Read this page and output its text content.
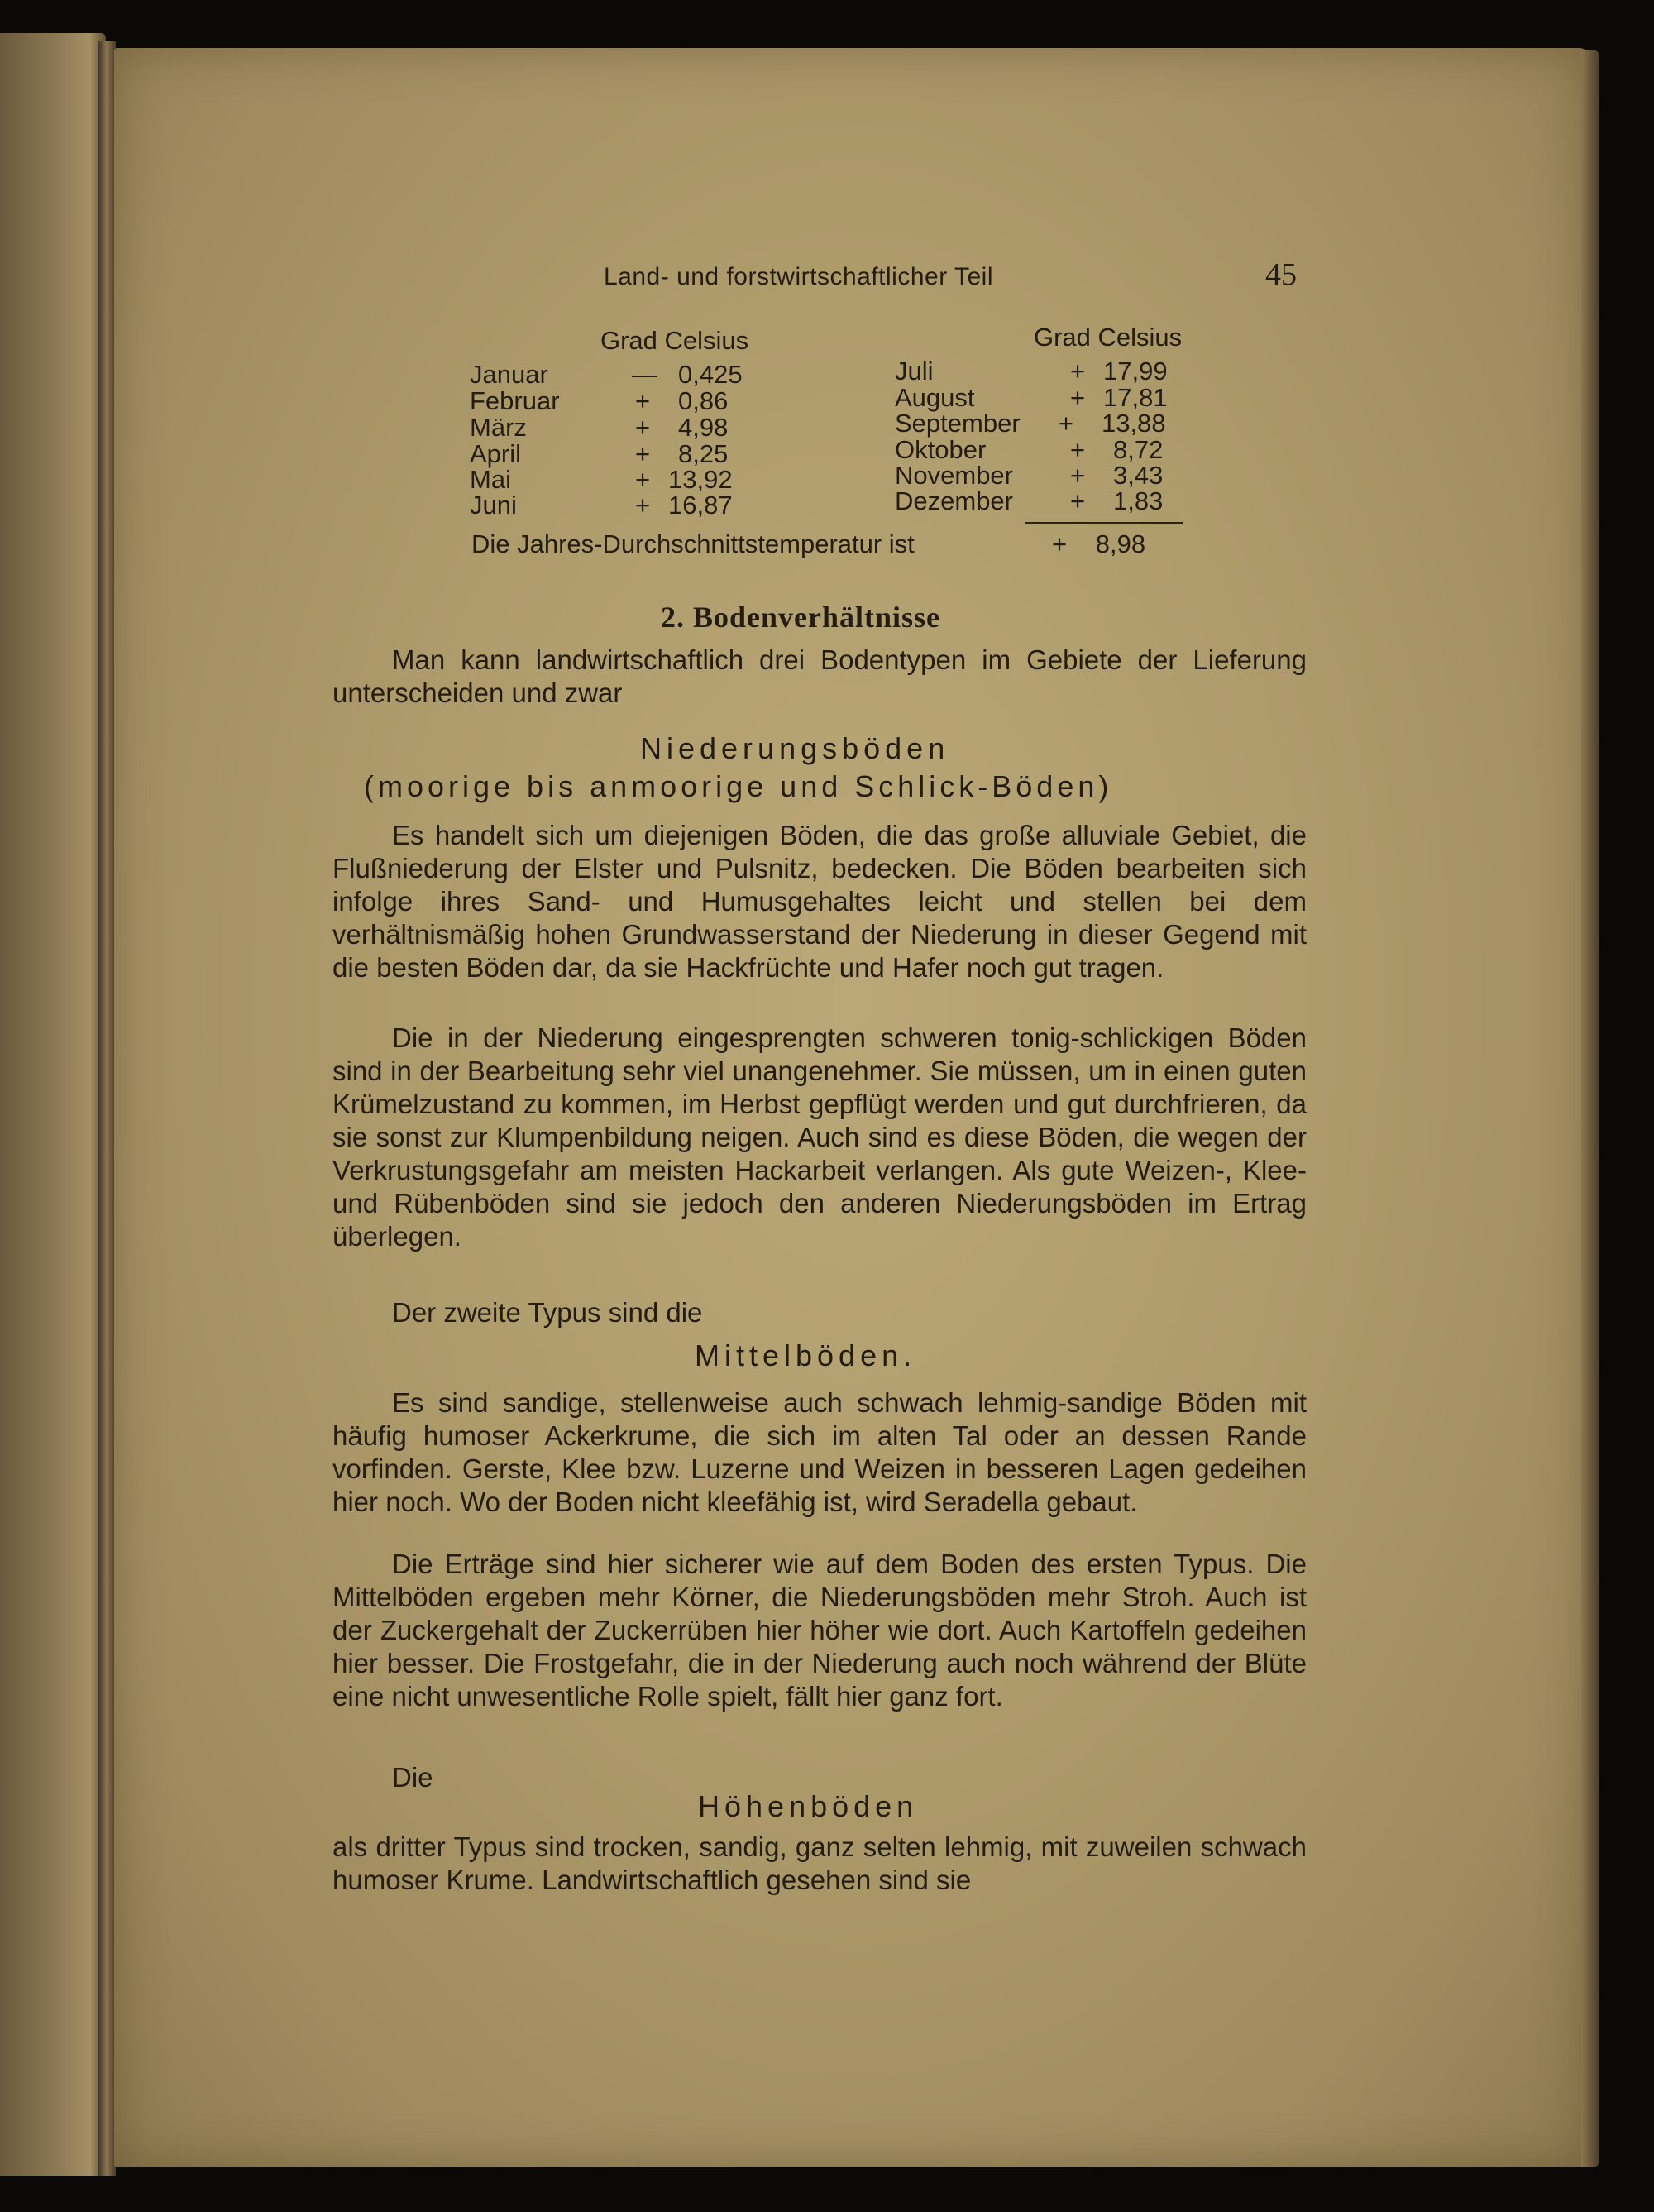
Land- und forstwirtschaftlicher Teil	45
Grad Celsius	Grad Celsius
Januar	— 0,425
Februar	+ 0,86
März	+ 4,98
April	+ 8,25
Mai	+ 13,92
Juni	+ 16,87
Juli	+ 17,99
August	+ 17,81
September + 13,88
Oktober	+ 8,72
November + 3,43
Dezember + 1,83
Die Jahres-Durchschnittstemperatur ist	+ 8,98
2. Bodenverhältnisse

Man kann landwirtschaftlich drei Bodentypen im Gebiete der Lieferung unterscheiden und zwar

Niederungsböden
(moorige bis anmoorige und Schlick-Böden)

Es handelt sich um diejenigen Böden, die das große alluviale Gebiet, die Flußniederung der Elster und Pulsnitz, bedecken. Die Böden bearbeiten sich infolge ihres Sand- und Humusgehaltes leicht und stellen bei dem verhältnismäßig hohen Grundwasserstand der Niederung in dieser Gegend mit die besten Böden dar, da sie Hackfrüchte und Hafer noch gut tragen.

Die in der Niederung eingesprengten schweren tonig-schlickigen Böden sind in der Bearbeitung sehr viel unangenehmer. Sie müssen, um in einen guten Krümelzustand zu kommen, im Herbst gepflügt werden und gut durchfrieren, da sie sonst zur Klumpenbildung neigen. Auch sind es diese Böden, die wegen der Verkrustungsgefahr am meisten Hackarbeit verlangen. Als gute Weizen-, Klee- und Rübenböden sind sie jedoch den anderen Niederungsböden im Ertrag überlegen.

Der zweite Typus sind die

Mittelböden.

Es sind sandige, stellenweise auch schwach lehmig-sandige Böden mit häufig humoser Ackerkrume, die sich im alten Tal oder an dessen Rande vorfinden. Gerste, Klee bzw. Luzerne und Weizen in besseren Lagen gedeihen hier noch. Wo der Boden nicht kleefähig ist, wird Seradella gebaut.

Die Erträge sind hier sicherer wie auf dem Boden des ersten Typus. Die Mittelböden ergeben mehr Körner, die Niederungsböden mehr Stroh. Auch ist der Zuckergehalt der Zuckerrüben hier höher wie dort. Auch Kartoffeln gedeihen hier besser. Die Frostgefahr, die in der Niederung auch noch während der Blüte eine nicht unwesentliche Rolle spielt, fällt hier ganz fort.

Die

Höhenböden

als dritter Typus sind trocken, sandig, ganz selten lehmig, mit zuweilen schwach humoser Krume. Landwirtschaftlich gesehen sind sie
